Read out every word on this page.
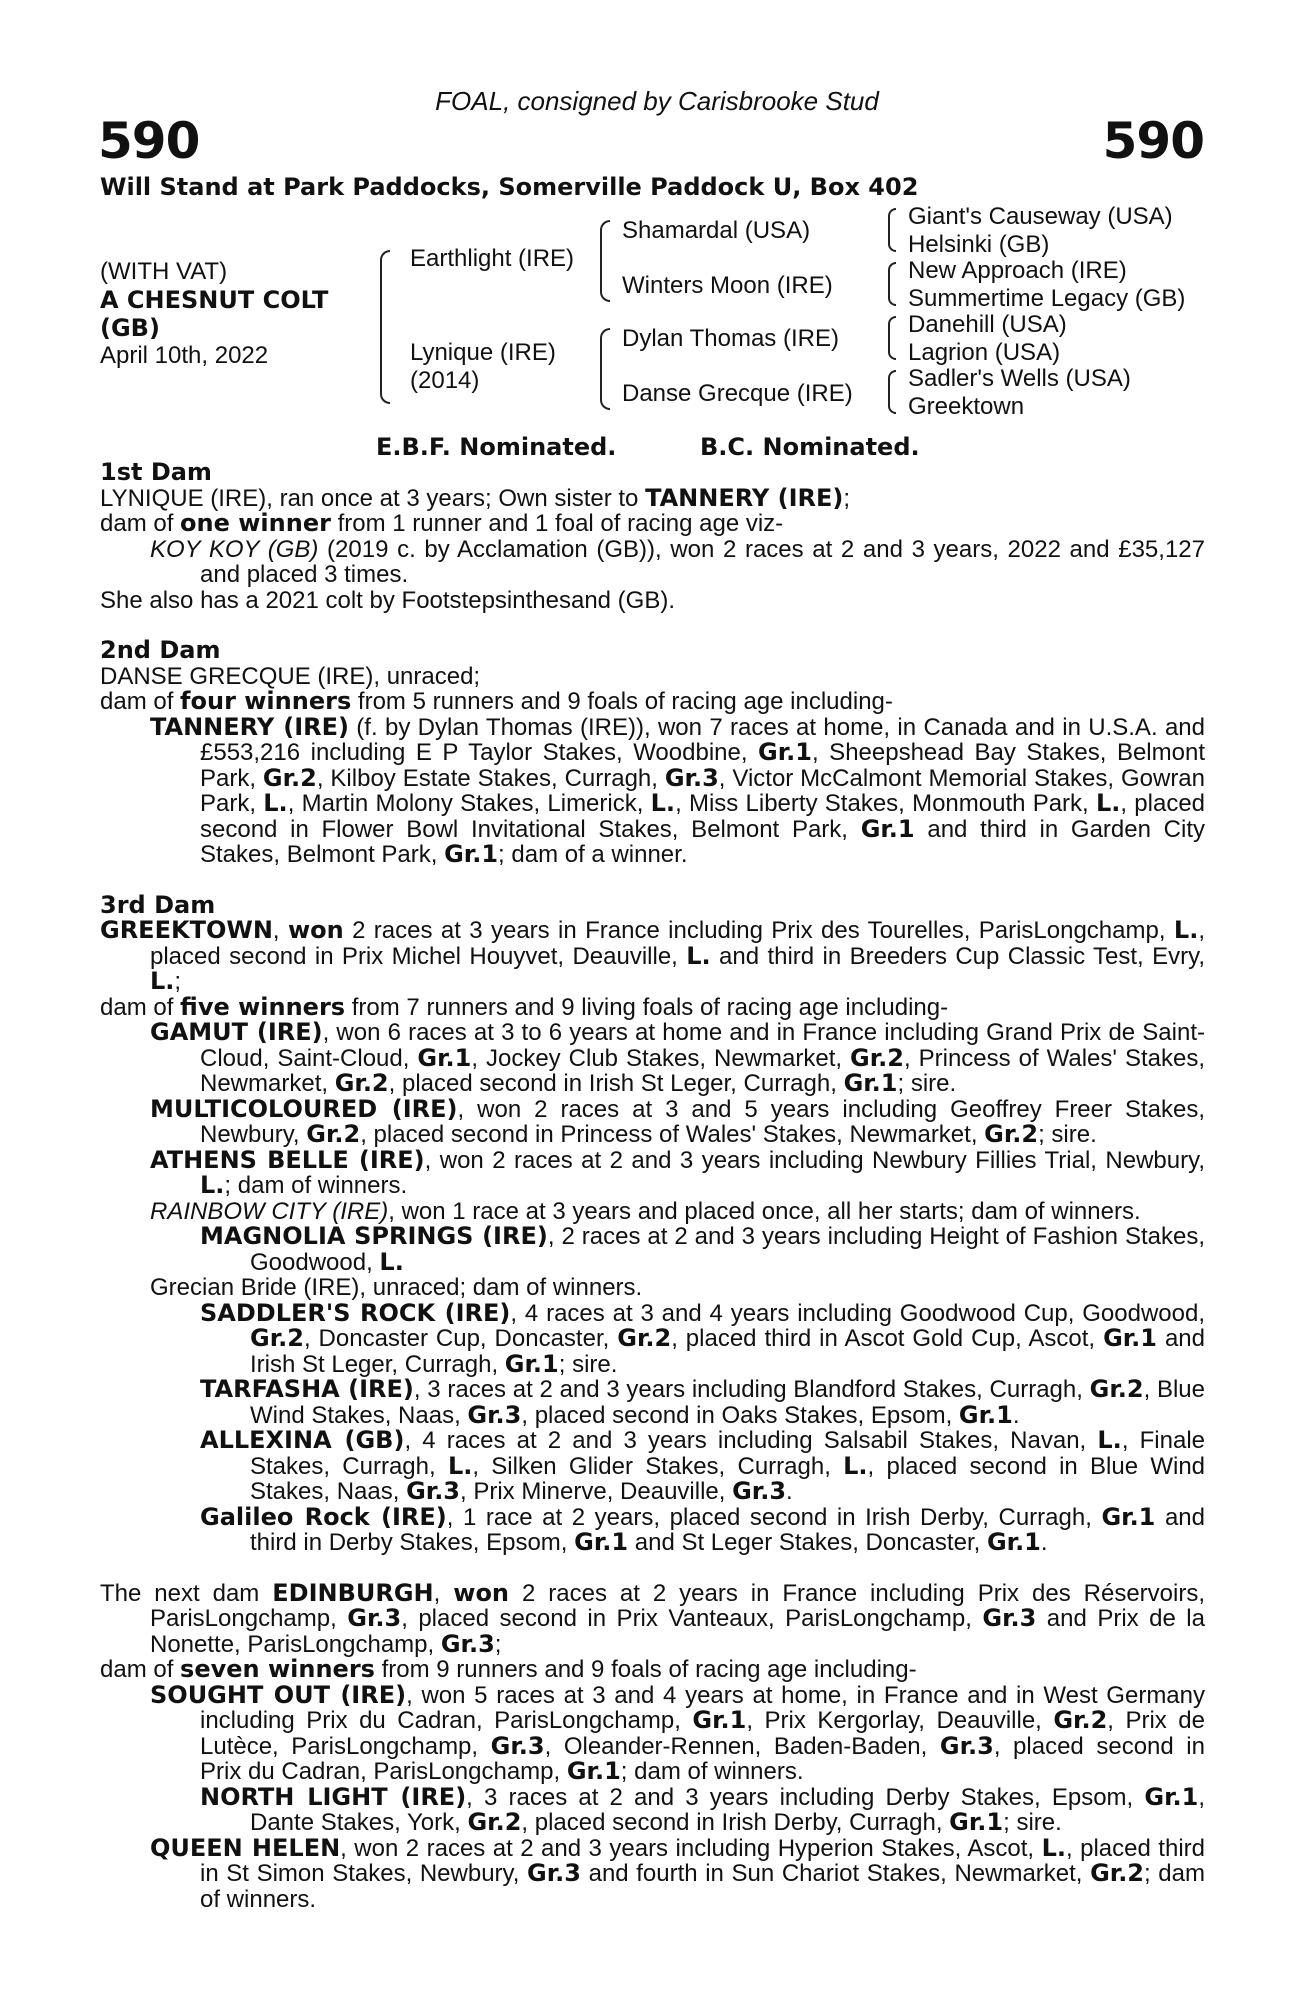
FOAL, consigned by Carisbrooke Stud
590	590
Will Stand at Park Paddocks, Somerville Paddock U, Box 402
(WITH VAT)
A CHESNUT COLT
(GB)
April 10th, 2022
Earthlight (IRE)
Lynique (IRE)
(2014)
Shamardal (USA)
Winters Moon (IRE)
Dylan Thomas (IRE)
Danse Grecque (IRE)
Giant's Causeway (USA)
Helsinki (GB)
New Approach (IRE)
Summertime Legacy (GB)
Danehill (USA)
Lagrion (USA)
Sadler's Wells (USA)
Greektown
E.B.F. Nominated.	B.C. Nominated.

1st Dam

LYNIQUE (IRE), ran once at 3 years; Own sister to TANNERY (IRE);

dam of one winner from 1 runner and 1 foal of racing age viz-

KOY KOY (GB) (2019 c. by Acclamation (GB)), won 2 races at 2 and 3 years, 2022 and £35,127 and placed 3 times.

She also has a 2021 colt by Footstepsinthesand (GB).

2nd Dam

DANSE GRECQUE (IRE), unraced;

dam of four winners from 5 runners and 9 foals of racing age including-

TANNERY (IRE) (f. by Dylan Thomas (IRE)), won 7 races at home, in Canada and in U.S.A. and £553,216 including E P Taylor Stakes, Woodbine, Gr.1, Sheepshead Bay Stakes, Belmont Park, Gr.2, Kilboy Estate Stakes, Curragh, Gr.3, Victor McCalmont Memorial Stakes, Gowran Park, L., Martin Molony Stakes, Limerick, L., Miss Liberty Stakes, Monmouth Park, L., placed second in Flower Bowl Invitational Stakes, Belmont Park, Gr.1 and third in Garden City Stakes, Belmont Park, Gr.1; dam of a winner.

3rd Dam

GREEKTOWN, won 2 races at 3 years in France including Prix des Tourelles, ParisLongchamp, L., placed second in Prix Michel Houyvet, Deauville, L. and third in Breeders Cup Classic Test, Evry, L.;

dam of five winners from 7 runners and 9 living foals of racing age including-

GAMUT (IRE), won 6 races at 3 to 6 years at home and in France including Grand Prix de Saint-Cloud, Saint-Cloud, Gr.1, Jockey Club Stakes, Newmarket, Gr.2, Princess of Wales' Stakes, Newmarket, Gr.2, placed second in Irish St Leger, Curragh, Gr.1; sire.

MULTICOLOURED (IRE), won 2 races at 3 and 5 years including Geoffrey Freer Stakes, Newbury, Gr.2, placed second in Princess of Wales' Stakes, Newmarket, Gr.2; sire.

ATHENS BELLE (IRE), won 2 races at 2 and 3 years including Newbury Fillies Trial, Newbury, L.; dam of winners.

RAINBOW CITY (IRE), won 1 race at 3 years and placed once, all her starts; dam of winners.

MAGNOLIA SPRINGS (IRE), 2 races at 2 and 3 years including Height of Fashion Stakes, Goodwood, L.

Grecian Bride (IRE), unraced; dam of winners.

SADDLER'S ROCK (IRE), 4 races at 3 and 4 years including Goodwood Cup, Goodwood, Gr.2, Doncaster Cup, Doncaster, Gr.2, placed third in Ascot Gold Cup, Ascot, Gr.1 and Irish St Leger, Curragh, Gr.1; sire.

TARFASHA (IRE), 3 races at 2 and 3 years including Blandford Stakes, Curragh, Gr.2, Blue Wind Stakes, Naas, Gr.3, placed second in Oaks Stakes, Epsom, Gr.1.

ALLEXINA (GB), 4 races at 2 and 3 years including Salsabil Stakes, Navan, L., Finale Stakes, Curragh, L., Silken Glider Stakes, Curragh, L., placed second in Blue Wind Stakes, Naas, Gr.3, Prix Minerve, Deauville, Gr.3.

Galileo Rock (IRE), 1 race at 2 years, placed second in Irish Derby, Curragh, Gr.1 and third in Derby Stakes, Epsom, Gr.1 and St Leger Stakes, Doncaster, Gr.1.

The next dam EDINBURGH, won 2 races at 2 years in France including Prix des Réservoirs, ParisLongchamp, Gr.3, placed second in Prix Vanteaux, ParisLongchamp, Gr.3 and Prix de la Nonette, ParisLongchamp, Gr.3;

dam of seven winners from 9 runners and 9 foals of racing age including-

SOUGHT OUT (IRE), won 5 races at 3 and 4 years at home, in France and in West Germany including Prix du Cadran, ParisLongchamp, Gr.1, Prix Kergorlay, Deauville, Gr.2, Prix de Lutèce, ParisLongchamp, Gr.3, Oleander-Rennen, Baden-Baden, Gr.3, placed second in Prix du Cadran, ParisLongchamp, Gr.1; dam of winners.

NORTH LIGHT (IRE), 3 races at 2 and 3 years including Derby Stakes, Epsom, Gr.1, Dante Stakes, York, Gr.2, placed second in Irish Derby, Curragh, Gr.1; sire.

QUEEN HELEN, won 2 races at 2 and 3 years including Hyperion Stakes, Ascot, L., placed third in St Simon Stakes, Newbury, Gr.3 and fourth in Sun Chariot Stakes, Newmarket, Gr.2; dam of winners.
